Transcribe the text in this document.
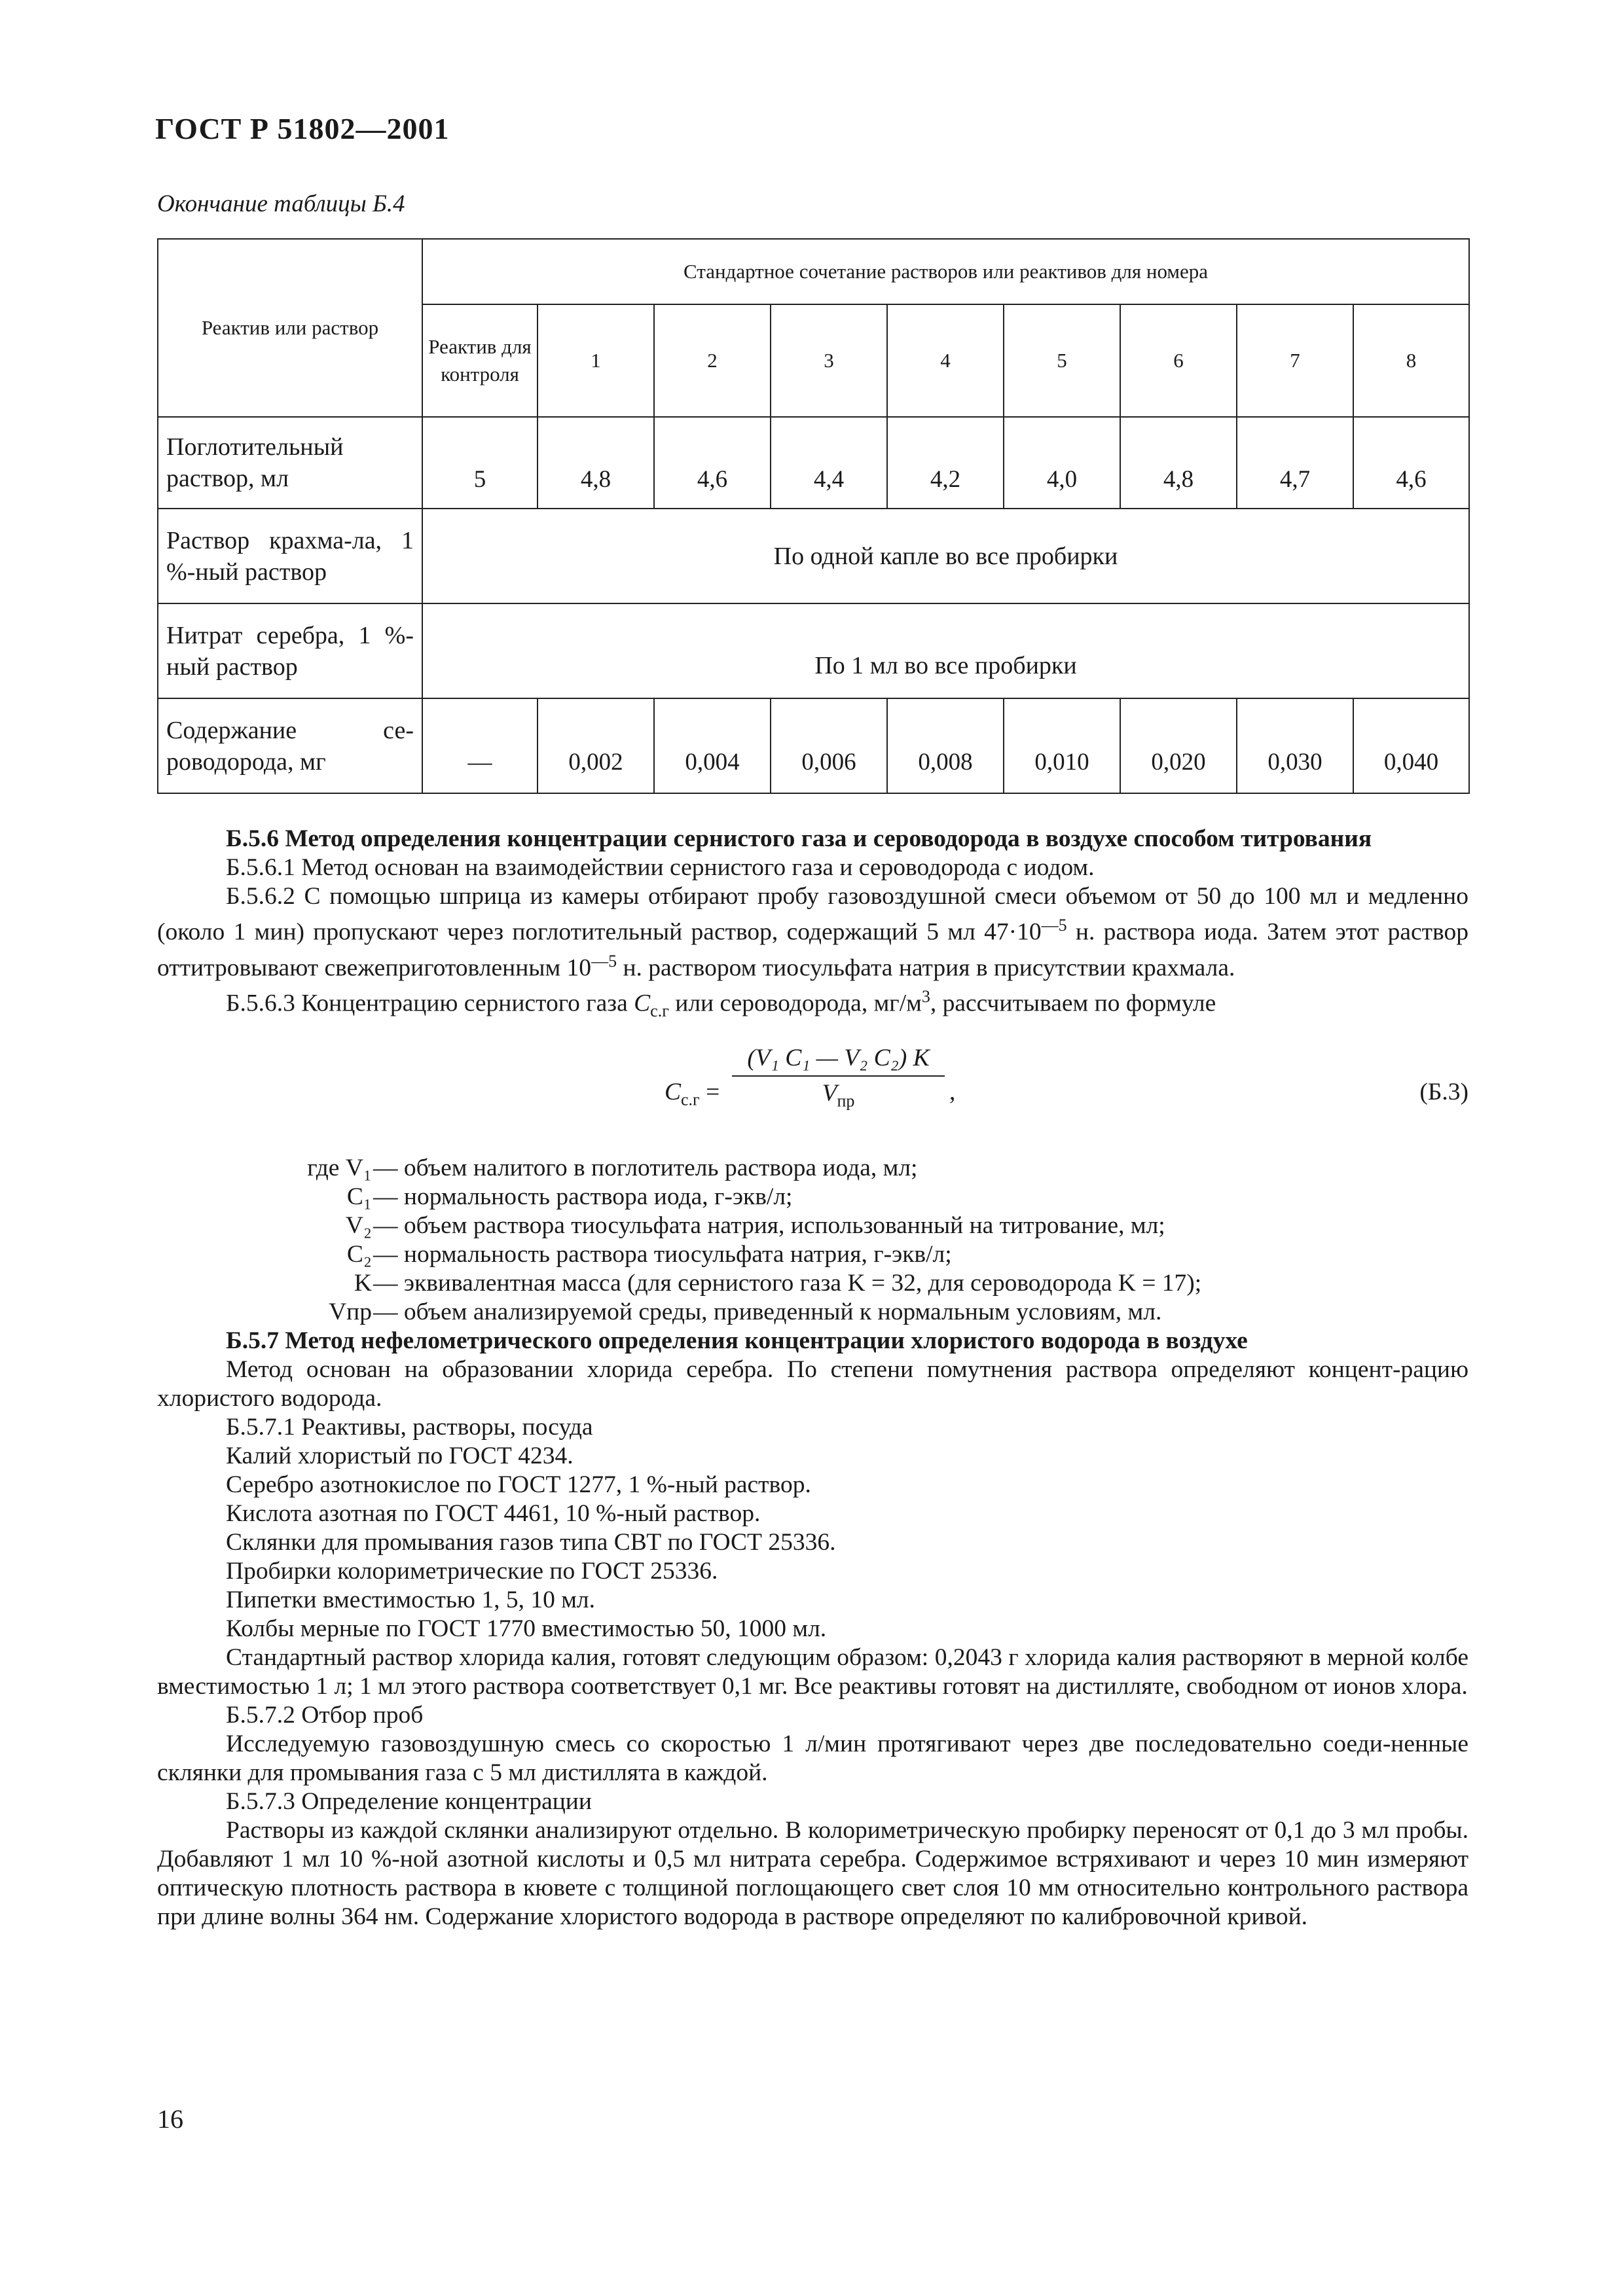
ГОСТ Р 51802—2001
Окончание таблицы Б.4
Реактив или раствор	Стандартное сочетание растворов или реактивов для номера								
	Реактив для контроля	1	2	3	4	5	6	7	8
Поглотительный раствор, мл	5	4,8	4,6	4,4	4,2	4,0	4,8	4,7	4,6
Раствор крахма-ла, 1 %-ный раствор	По одной капле во все пробирки								
Нитрат серебра, 1 %-ный раствор	По 1 мл во все пробирки								
Содержание се-роводорода, мг	—	0,002	0,004	0,006	0,008	0,010	0,020	0,030	0,040

Б.5.6 Метод определения концентрации сернистого газа и сероводорода в воздухе способом титрования

Б.5.6.1 Метод основан на взаимодействии сернистого газа и сероводорода с иодом.

Б.5.6.2 С помощью шприца из камеры отбирают пробу газовоздушной смеси объемом от 50 до 100 мл и медленно (около 1 мин) пропускают через поглотительный раствор, содержащий 5 мл $47\cdot 10^{—5}$ н. раствора иода. Затем этот раствор оттитровывают свежеприготовленным $10^{—5}$ н. раствором тиосульфата натрия в присутствии крахмала.

Б.5.6.3 Концентрацию сернистого газа $C_{с.г}$ или сероводорода, $мг/м^3$, рассчитываем по формуле

$C_{с.г}$ =
(V₁ C₁ — V₂ C₂) K
$V_{пр}$	,	(Б.3)
где V₁ — объем налитого в поглотитель раствора иода, мл;
C₁ — нормальность раствора иода, г-экв/л;
V₂ — объем раствора тиосульфата натрия, использованный на титрование, мл;
C₂ — нормальность раствора тиосульфата натрия, г-экв/л;
K — эквивалентная масса (для сернистого газа K = 32, для сероводорода K = 17);
Vпр — объем анализируемой среды, приведенный к нормальным условиям, мл.

Б.5.7 Метод нефелометрического определения концентрации хлористого водорода в воздухе

Метод основан на образовании хлорида серебра. По степени помутнения раствора определяют концент-рацию хлористого водорода.

Б.5.7.1 Реактивы, растворы, посуда

Калий хлористый по ГОСТ 4234.

Серебро азотнокислое по ГОСТ 1277, 1 %-ный раствор.

Кислота азотная по ГОСТ 4461, 10 %-ный раствор.

Склянки для промывания газов типа СВТ по ГОСТ 25336.

Пробирки колориметрические по ГОСТ 25336.

Пипетки вместимостью 1, 5, 10 мл.

Колбы мерные по ГОСТ 1770 вместимостью 50, 1000 мл.

Стандартный раствор хлорида калия, готовят следующим образом: 0,2043 г хлорида калия растворяют в мерной колбе вместимостью 1 л; 1 мл этого раствора соответствует 0,1 мг. Все реактивы готовят на дистилляте, свободном от ионов хлора.

Б.5.7.2 Отбор проб

Исследуемую газовоздушную смесь со скоростью 1 л/мин протягивают через две последовательно соеди-ненные склянки для промывания газа с 5 мл дистиллята в каждой.

Б.5.7.3 Определение концентрации

Растворы из каждой склянки анализируют отдельно. В колориметрическую пробирку переносят от 0,1 до 3 мл пробы. Добавляют 1 мл 10 %-ной азотной кислоты и 0,5 мл нитрата серебра. Содержимое встряхивают и через 10 мин измеряют оптическую плотность раствора в кювете с толщиной поглощающего свет слоя 10 мм относительно контрольного раствора при длине волны 364 нм. Содержание хлористого водорода в растворе определяют по калибровочной кривой.

16
